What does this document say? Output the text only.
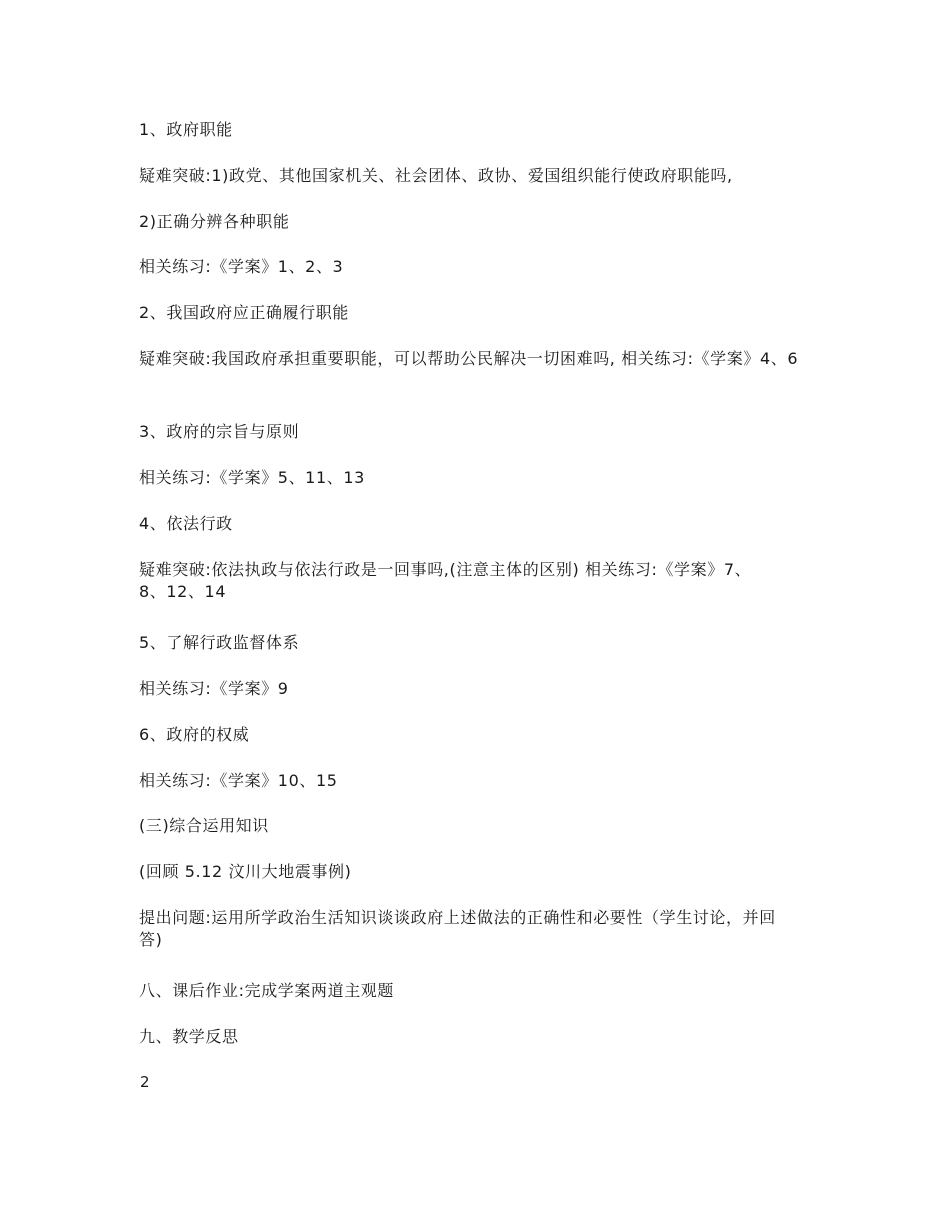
1、政府职能
疑难突破:1)政党、其他国家机关、社会团体、政协、爱国组织能行使政府职能吗,
2)正确分辨各种职能
相关练习:《学案》1、2、3
2、我国政府应正确履行职能
疑难突破:我国政府承担重要职能，可以帮助公民解决一切困难吗, 相关练习:《学案》4、6
3、政府的宗旨与原则
相关练习:《学案》5、11、13
4、依法行政
疑难突破:依法执政与依法行政是一回事吗,(注意主体的区别) 相关练习:《学案》7、8、12、14
5、了解行政监督体系
相关练习:《学案》9
6、政府的权威
相关练习:《学案》10、15
(三)综合运用知识
(回顾 5.12 汶川大地震事例)
提出问题:运用所学政治生活知识谈谈政府上述做法的正确性和必要性（学生讨论，并回答)
八、课后作业:完成学案两道主观题
九、教学反思
2
